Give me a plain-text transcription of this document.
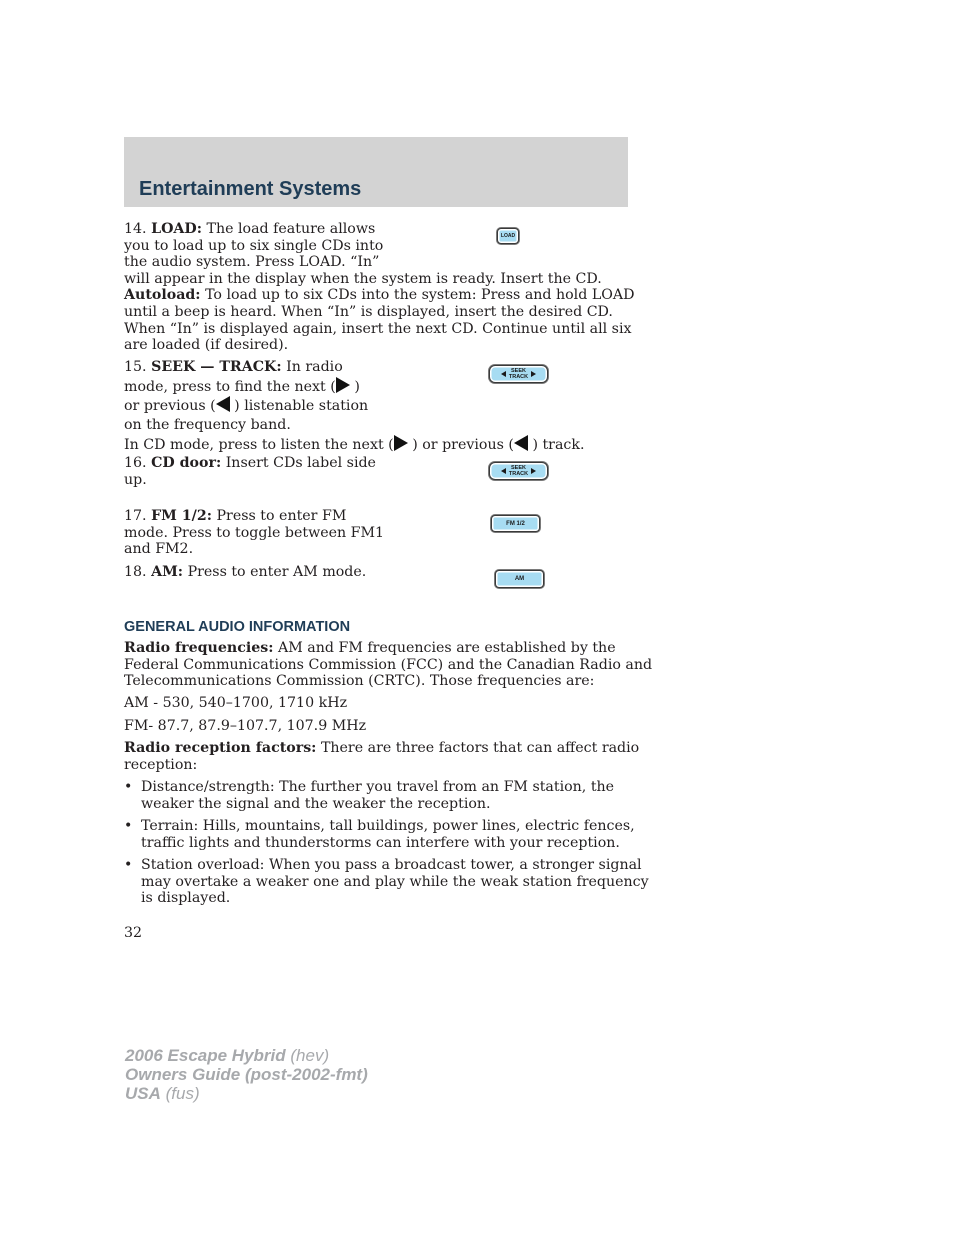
Entertainment Systems
14. LOAD: The load feature allows
you to load up to six single CDs into
the audio system. Press LOAD. “In”
will appear in the display when the system is ready. Insert the CD.
Autoload: To load up to six CDs into the system: Press and hold LOAD
until a beep is heard. When “In” is displayed, insert the desired CD.
When “In” is displayed again, insert the next CD. Continue until all six
are loaded (if desired).
LOAD
15. SEEK — TRACK: In radio
mode, press to find the next ( )
or previous ( ) listenable station
on the frequency band.
In CD mode, press to listen the next ( ) or previous ( ) track.
SEEK
TRACK
16. CD door: Insert CDs label side
up.
SEEK
TRACK
17. FM 1/2: Press to enter FM
mode. Press to toggle between FM1
and FM2.
FM 1/2
18. AM: Press to enter AM mode.	AM
GENERAL AUDIO INFORMATION
Radio frequencies: AM and FM frequencies are established by the
Federal Communications Commission (FCC) and the Canadian Radio and
Telecommunications Commission (CRTC). Those frequencies are:
AM - 530, 540–1700, 1710 kHz
FM- 87.7, 87.9–107.7, 107.9 MHz
Radio reception factors: There are three factors that can affect radio
reception:
• Distance/strength: The further you travel from an FM station, the
weaker the signal and the weaker the reception.
• Terrain: Hills, mountains, tall buildings, power lines, electric fences,
traffic lights and thunderstorms can interfere with your reception.
• Station overload: When you pass a broadcast tower, a stronger signal
may overtake a weaker one and play while the weak station frequency
is displayed.
32
2006 Escape Hybrid (hev)
Owners Guide (post-2002-fmt)
USA (fus)
